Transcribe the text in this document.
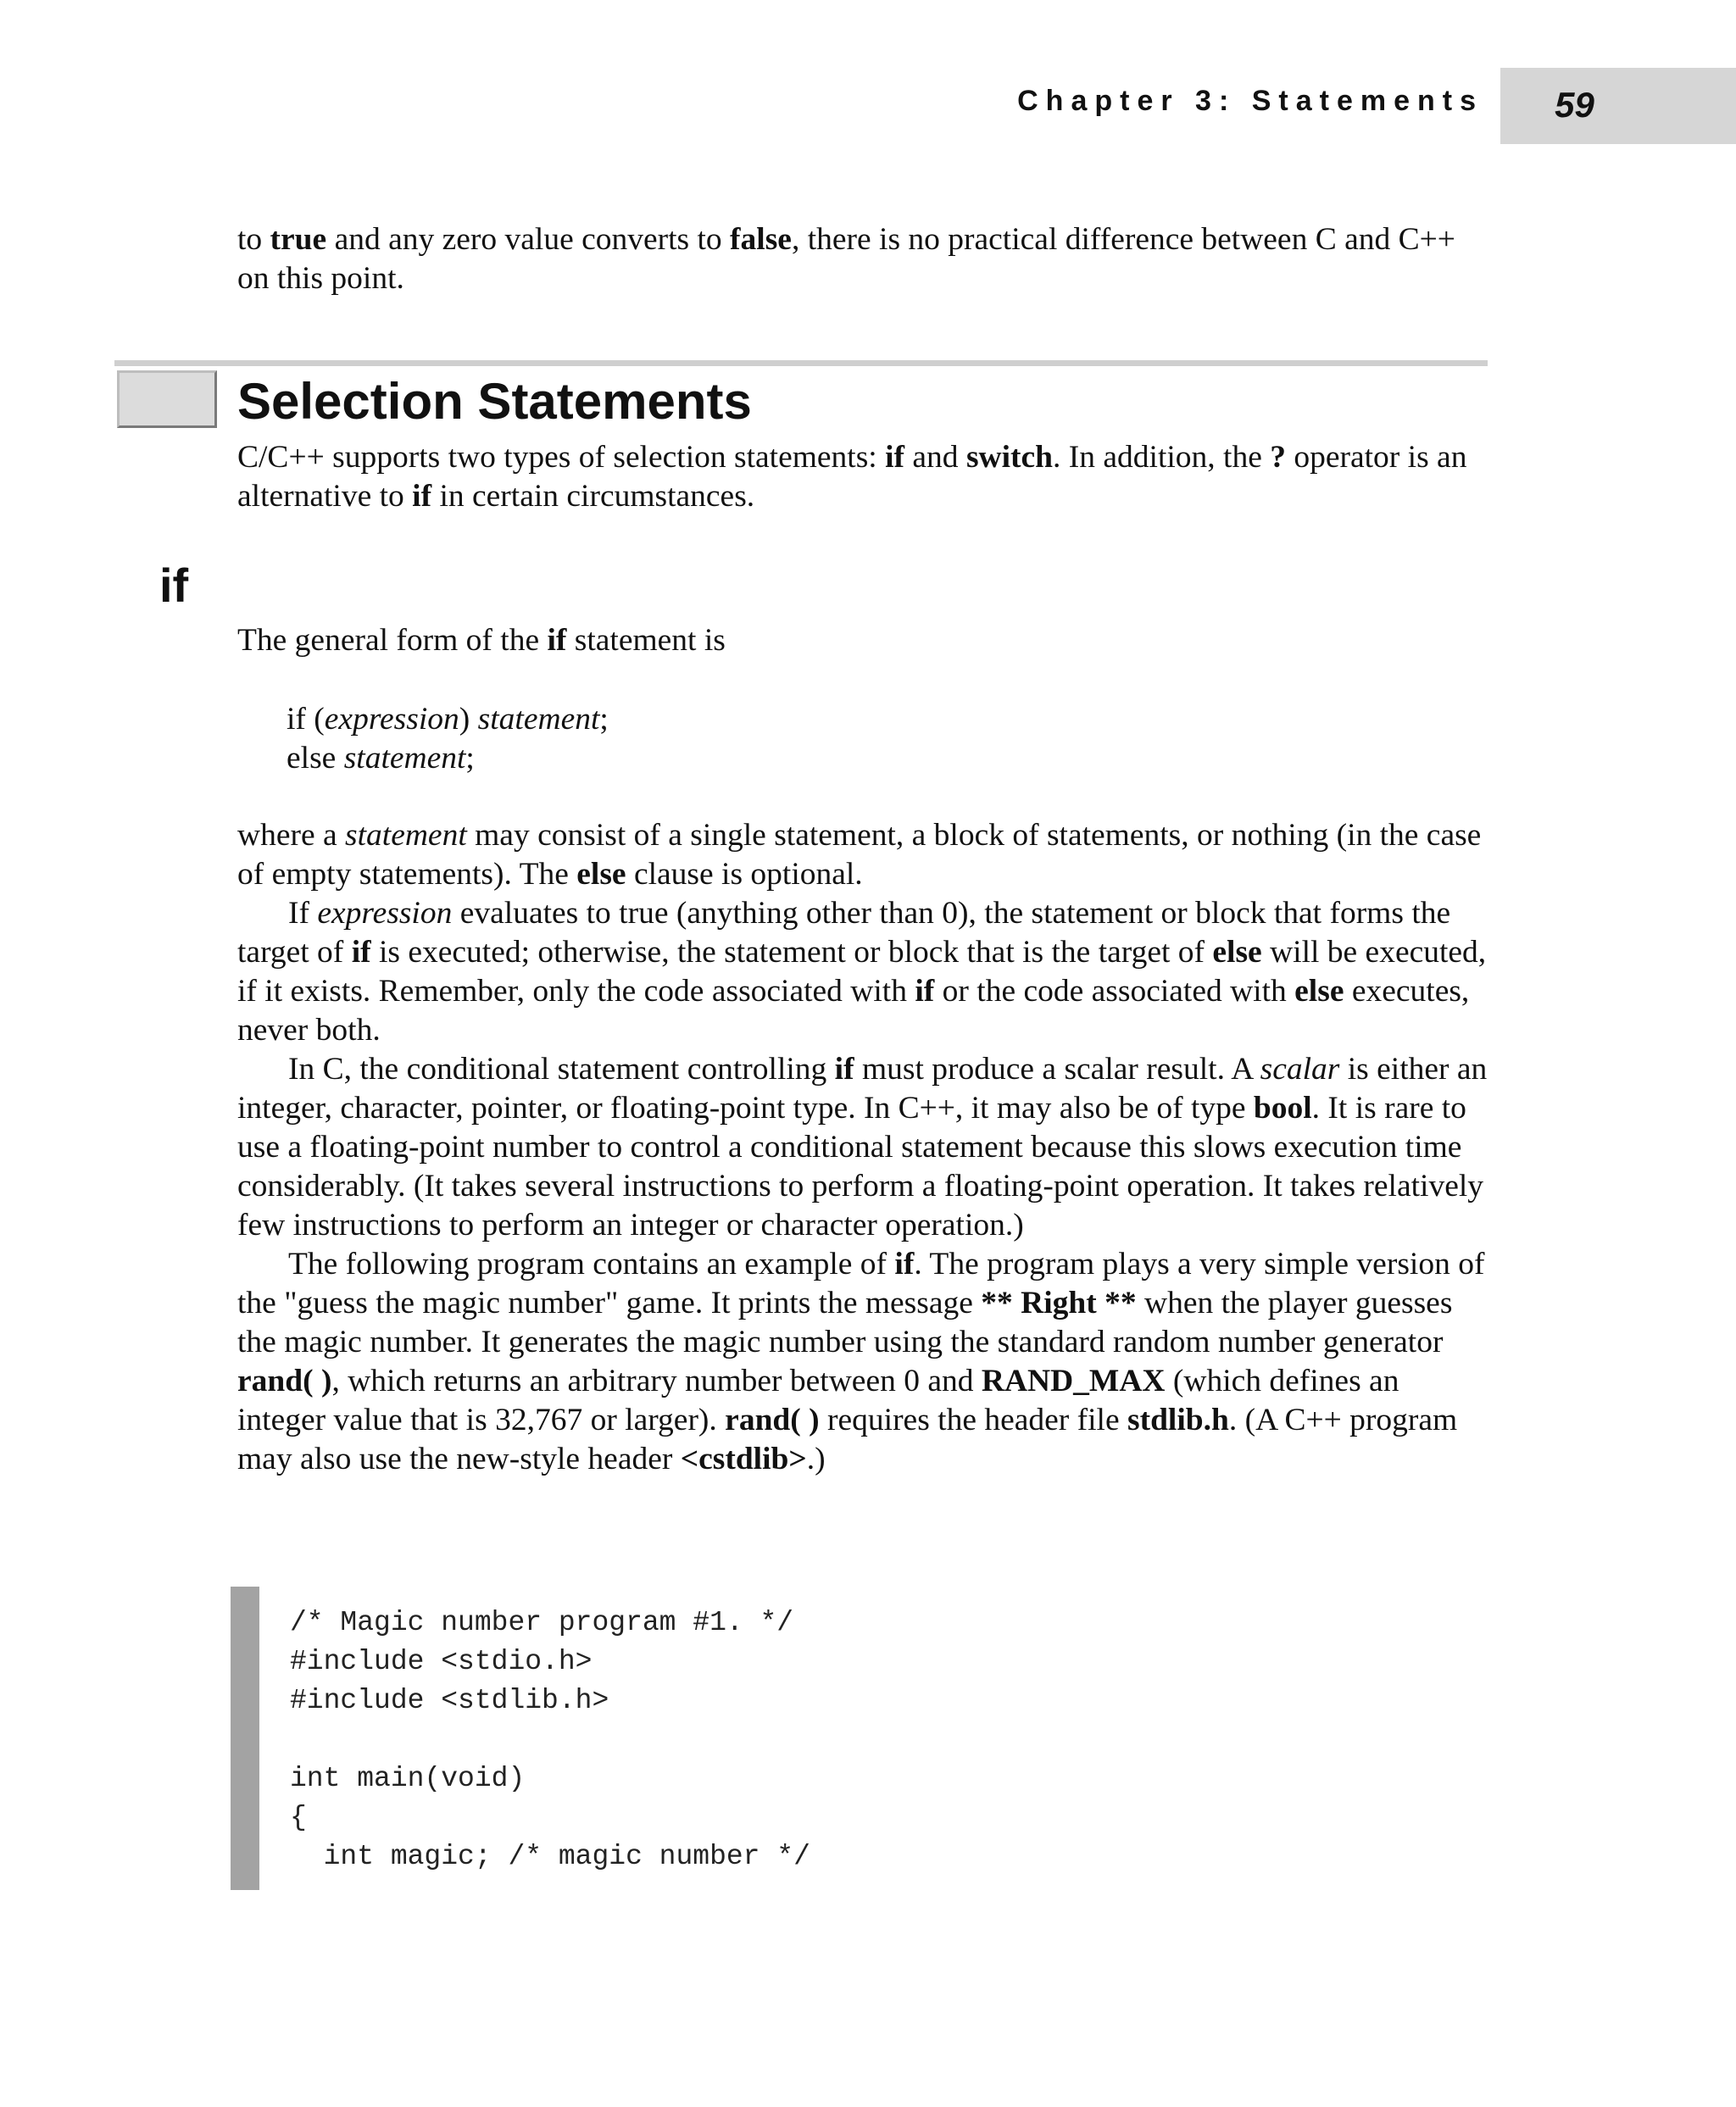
Chapter 3: Statements	59

to true and any zero value converts to false, there is no practical difference between C and C++ on this point.

Selection Statements

C/C++ supports two types of selection statements: if and switch. In addition, the ? operator is an alternative to if in certain circumstances.

if

The general form of the if statement is

if (expression) statement;
else statement;

where a statement may consist of a single statement, a block of statements, or nothing (in the case of empty statements). The else clause is optional.

If expression evaluates to true (anything other than 0), the statement or block that forms the target of if is executed; otherwise, the statement or block that is the target of else will be executed, if it exists. Remember, only the code associated with if or the code associated with else executes, never both.

In C, the conditional statement controlling if must produce a scalar result. A scalar is either an integer, character, pointer, or floating-point type. In C++, it may also be of type bool. It is rare to use a floating-point number to control a conditional statement because this slows execution time considerably. (It takes several instructions to perform a floating-point operation. It takes relatively few instructions to perform an integer or character operation.)

The following program contains an example of if. The program plays a very simple version of the "guess the magic number" game. It prints the message ** Right ** when the player guesses the magic number. It generates the magic number using the standard random number generator rand( ), which returns an arbitrary number between 0 and RAND_MAX (which defines an integer value that is 32,767 or larger). rand( ) requires the header file stdlib.h. (A C++ program may also use the new-style header <cstdlib>.)

/* Magic number program #1. */
#include <stdio.h>
#include <stdlib.h>

int main(void)
{
int magic; /* magic number */
